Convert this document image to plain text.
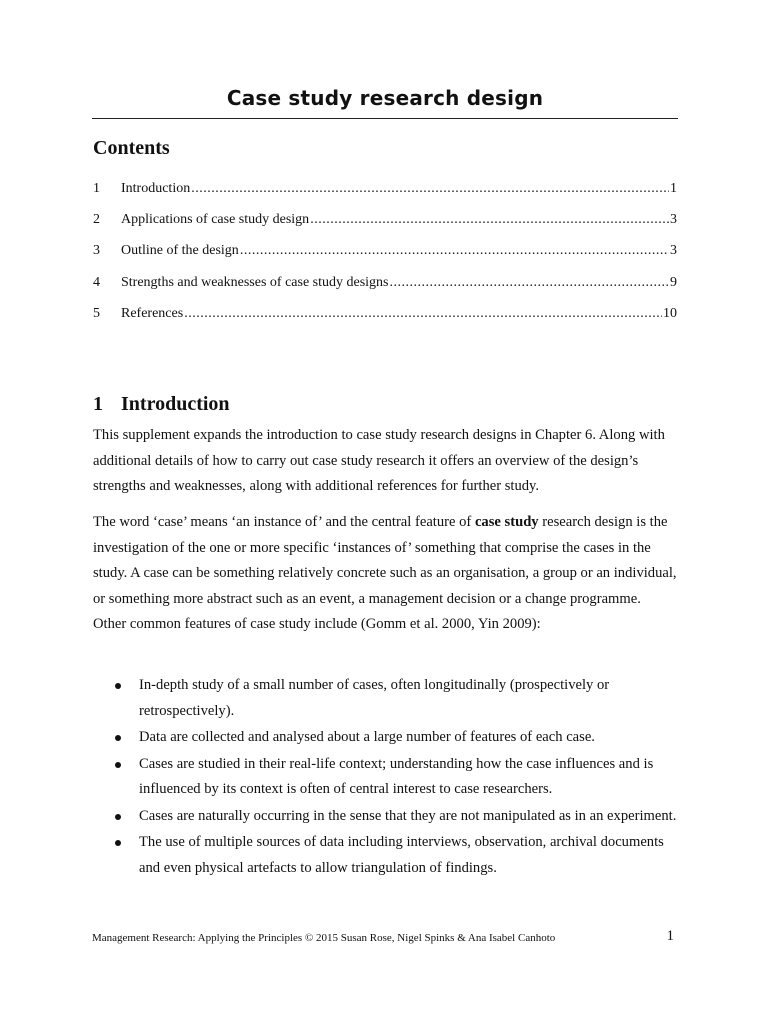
Case study research design
Contents
1	Introduction .....	1
2	Applications of case study design .....	3
3	Outline of the design .....	3
4	Strengths and weaknesses of case study designs .....	9
5	References .....	10
1 Introduction
This supplement expands the introduction to case study research designs in Chapter 6. Along with additional details of how to carry out case study research it offers an overview of the design’s strengths and weaknesses, along with additional references for further study.
The word ‘case’ means ‘an instance of’ and the central feature of case study research design is the investigation of the one or more specific ‘instances of’ something that comprise the cases in the study. A case can be something relatively concrete such as an organisation, a group or an individual, or something more abstract such as an event, a management decision or a change programme. Other common features of case study include (Gomm et al. 2000, Yin 2009):
In-depth study of a small number of cases, often longitudinally (prospectively or retrospectively).
Data are collected and analysed about a large number of features of each case.
Cases are studied in their real-life context; understanding how the case influences and is influenced by its context is often of central interest to case researchers.
Cases are naturally occurring in the sense that they are not manipulated as in an experiment.
The use of multiple sources of data including interviews, observation, archival documents and even physical artefacts to allow triangulation of findings.
Management Research: Applying the Principles © 2015 Susan Rose, Nigel Spinks & Ana Isabel Canhoto	1
